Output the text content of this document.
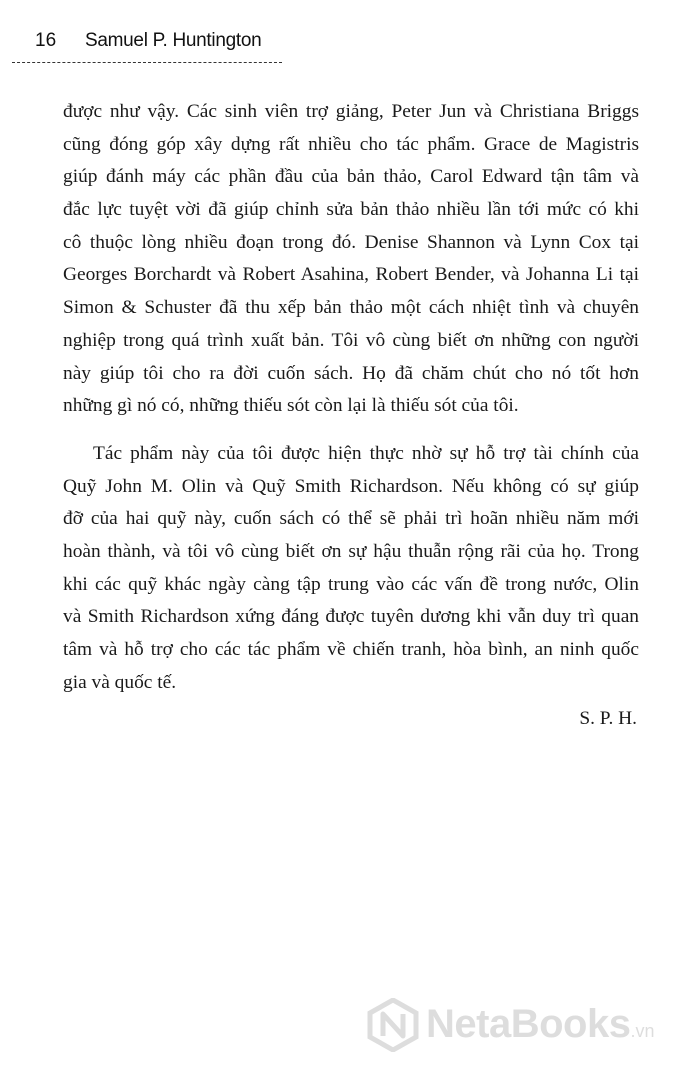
16 Samuel P. Huntington
được như vậy. Các sinh viên trợ giảng, Peter Jun và Christiana Briggs
cũng đóng góp xây dựng rất nhiều cho tác phẩm. Grace de Magistris
giúp đánh máy các phần đầu của bản thảo, Carol Edward tận tâm và
đắc lực tuyệt vời đã giúp chỉnh sửa bản thảo nhiều lần tới mức có khi
cô thuộc lòng nhiều đoạn trong đó. Denise Shannon và Lynn Cox tại
Georges Borchardt và Robert Asahina, Robert Bender, và Johanna Li tại
Simon & Schuster đã thu xếp bản thảo một cách nhiệt tình và chuyên
nghiệp trong quá trình xuất bản. Tôi vô cùng biết ơn những con người
này giúp tôi cho ra đời cuốn sách. Họ đã chăm chút cho nó tốt hơn
những gì nó có, những thiếu sót còn lại là thiếu sót của tôi.
Tác phẩm này của tôi được hiện thực nhờ sự hỗ trợ tài chính của
Quỹ John M. Olin và Quỹ Smith Richardson. Nếu không có sự giúp
đỡ của hai quỹ này, cuốn sách có thể sẽ phải trì hoãn nhiều năm mới
hoàn thành, và tôi vô cùng biết ơn sự hậu thuẫn rộng rãi của họ. Trong
khi các quỹ khác ngày càng tập trung vào các vấn đề trong nước, Olin
và Smith Richardson xứng đáng được tuyên dương khi vẫn duy trì quan
tâm và hỗ trợ cho các tác phẩm về chiến tranh, hòa bình, an ninh quốc
gia và quốc tế.
S. P. H.
NetaBooks.vn
